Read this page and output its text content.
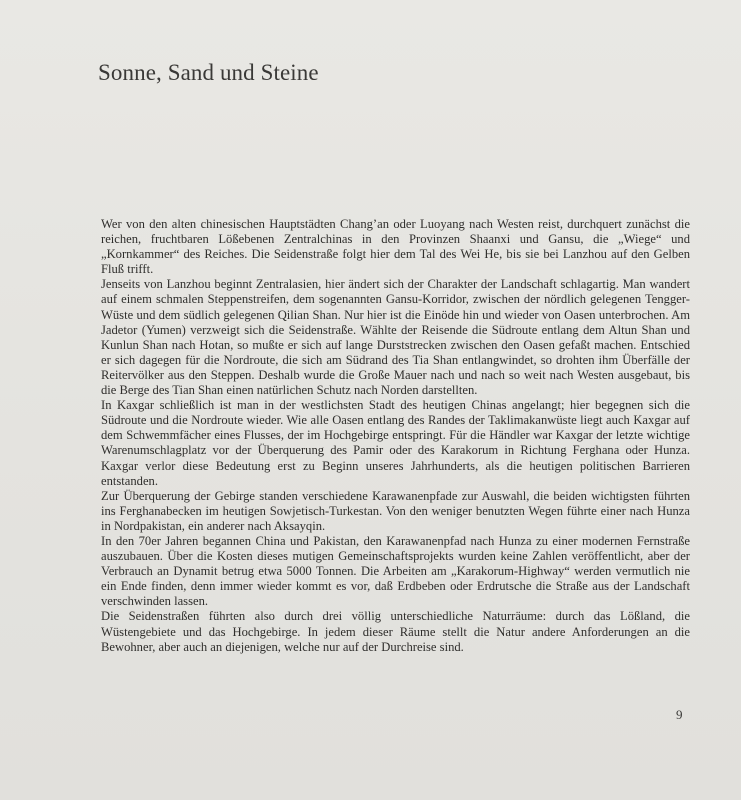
Sonne, Sand und Steine

Wer von den alten chinesischen Hauptstädten Chang’an oder Luoyang nach Westen reist, durchquert zunächst die reichen, fruchtbaren Lößebenen Zentralchinas in den Provinzen Shaanxi und Gansu, die „Wiege“ und „Kornkammer“ des Reiches. Die Seidenstraße folgt hier dem Tal des Wei He, bis sie bei Lanzhou auf den Gelben Fluß trifft.

Jenseits von Lanzhou beginnt Zentralasien, hier ändert sich der Charakter der Landschaft schlagartig. Man wandert auf einem schmalen Steppenstreifen, dem sogenannten Gansu-Korridor, zwischen der nördlich gelegenen Tengger-Wüste und dem südlich gelegenen Qilian Shan. Nur hier ist die Einöde hin und wieder von Oasen unterbrochen. Am Jadetor (Yumen) verzweigt sich die Seidenstraße. Wählte der Reisende die Südroute entlang dem Altun Shan und Kunlun Shan nach Hotan, so mußte er sich auf lange Durststrecken zwischen den Oasen gefaßt machen. Entschied er sich dagegen für die Nordroute, die sich am Südrand des Tia Shan entlangwindet, so drohten ihm Überfälle der Reitervölker aus den Steppen. Deshalb wurde die Große Mauer nach und nach so weit nach Westen ausgebaut, bis die Berge des Tian Shan einen natürlichen Schutz nach Norden darstellten.

In Kaxgar schließlich ist man in der westlichsten Stadt des heutigen Chinas angelangt; hier begegnen sich die Südroute und die Nordroute wieder. Wie alle Oasen entlang des Randes der Taklimakanwüste liegt auch Kaxgar auf dem Schwemmfächer eines Flusses, der im Hochgebirge entspringt. Für die Händler war Kaxgar der letzte wichtige Warenumschlagplatz vor der Überquerung des Pamir oder des Karakorum in Richtung Ferghana oder Hunza. Kaxgar verlor diese Bedeutung erst zu Beginn unseres Jahrhunderts, als die heutigen politischen Barrieren entstanden.

Zur Überquerung der Gebirge standen verschiedene Karawanenpfade zur Auswahl, die beiden wichtigsten führten ins Ferghanabecken im heutigen Sowjetisch-Turkestan. Von den weniger benutzten Wegen führte einer nach Hunza in Nordpakistan, ein anderer nach Aksayqin.

In den 70er Jahren begannen China und Pakistan, den Karawanenpfad nach Hunza zu einer modernen Fernstraße auszubauen. Über die Kosten dieses mutigen Gemeinschaftsprojekts wurden keine Zahlen veröffentlicht, aber der Verbrauch an Dynamit betrug etwa 5000 Tonnen. Die Arbeiten am „Karakorum-Highway“ werden vermutlich nie ein Ende finden, denn immer wieder kommt es vor, daß Erdbeben oder Erdrutsche die Straße aus der Landschaft verschwinden lassen.

Die Seidenstraßen führten also durch drei völlig unterschiedliche Naturräume: durch das Lößland, die Wüstengebiete und das Hochgebirge. In jedem dieser Räume stellt die Natur andere Anforderungen an die Bewohner, aber auch an diejenigen, welche nur auf der Durchreise sind.

9
